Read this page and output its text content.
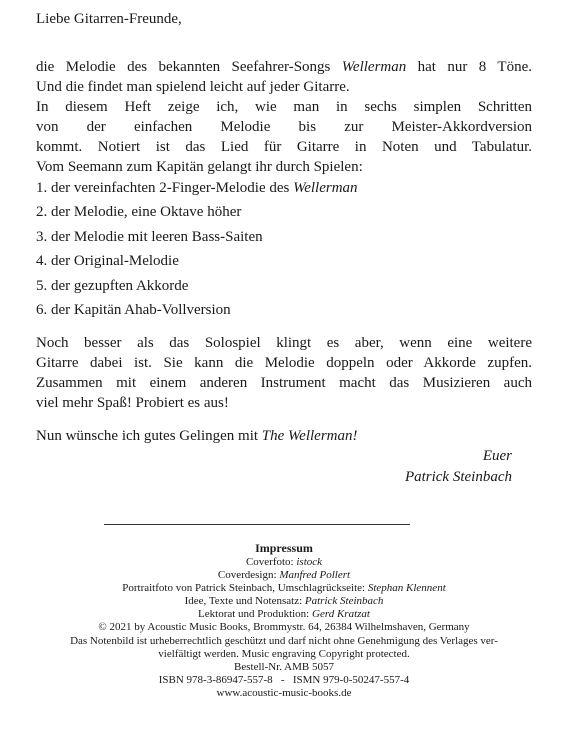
Liebe Gitarren-Freunde,

die Melodie des bekannten Seefahrer-Songs Wellerman hat nur 8 Töne.
Und die findet man spielend leicht auf jeder Gitarre.
In diesem Heft zeige ich, wie man in sechs simplen Schritten
von der einfachen Melodie bis zur Meister-Akkordversion
kommt. Notiert ist das Lied für Gitarre in Noten und Tabulatur.
Vom Seemann zum Kapitän gelangt ihr durch Spielen:
1. der vereinfachten 2-Finger-Melodie des Wellerman
2. der Melodie, eine Oktave höher
3. der Melodie mit leeren Bass-Saiten
4. der Original-Melodie
5. der gezupften Akkorde
6. der Kapitän Ahab-Vollversion
Noch besser als das Solospiel klingt es aber, wenn eine weitere
Gitarre dabei ist. Sie kann die Melodie doppeln oder Akkorde zupfen.
Zusammen mit einem anderen Instrument macht das Musizieren auch
viel mehr Spaß! Probiert es aus!

Nun wünsche ich gutes Gelingen mit The Wellerman!

Euer
Patrick Steinbach
Impressum
Coverfoto: istock
Coverdesign: Manfred Pollert
Portraitfoto von Patrick Steinbach, Umschlagrückseite: Stephan Klennent
Idee, Texte und Notensatz: Patrick Steinbach
Lektorat und Produktion: Gerd Kratzat
© 2021 by Acoustic Music Books, Brommystr. 64, 26384 Wilhelmshaven, Germany
Das Notenbild ist urheberrechtlich geschützt und darf nicht ohne Genehmigung des Verlages ver-
vielfältigt werden. Music engraving Copyright protected.
Bestell-Nr. AMB 5057
ISBN 978-3-86947-557-8   -   ISMN 979-0-50247-557-4
www.acoustic-music-books.de
